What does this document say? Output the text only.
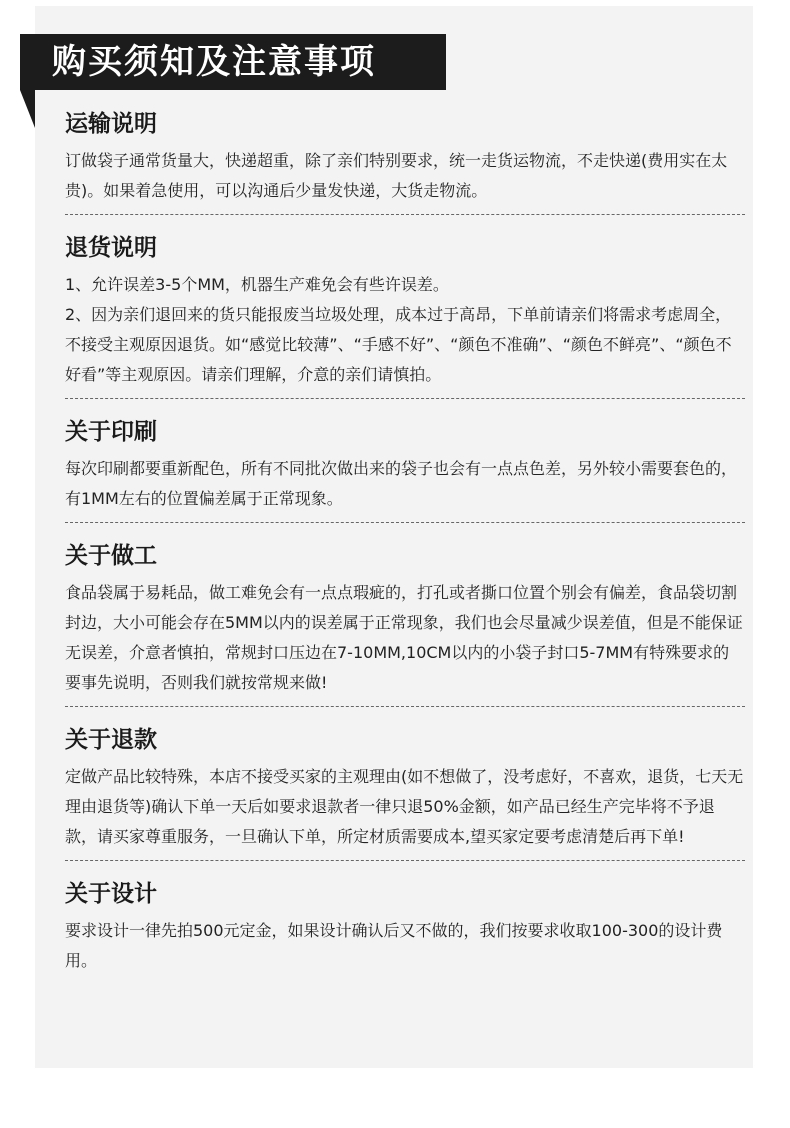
购买须知及注意事项
运输说明

订做袋子通常货量大，快递超重，除了亲们特别要求，统一走货运物流，不走快递(费用实在太贵)。如果着急使用，可以沟通后少量发快递，大货走物流。

退货说明

1、允许误差3-5个MM，机器生产难免会有些许误差。

2、因为亲们退回来的货只能报废当垃圾处理，成本过于高昂，下单前请亲们将需求考虑周全，不接受主观原因退货。如“感觉比较薄”、“手感不好”、“颜色不准确”、“颜色不鲜亮”、“颜色不好看”等主观原因。请亲们理解，介意的亲们请慎拍。

关于印刷

每次印刷都要重新配色，所有不同批次做出来的袋子也会有一点点色差，另外较小需要套色的，有1MM左右的位置偏差属于正常现象。

关于做工

食品袋属于易耗品，做工难免会有一点点瑕疵的，打孔或者撕口位置个别会有偏差，食品袋切割封边，大小可能会存在5MM以内的误差属于正常现象，我们也会尽量减少误差值，但是不能保证无误差，介意者慎拍，常规封口压边在7-10MM,10CM以内的小袋子封口5-7MM有特殊要求的要事先说明，否则我们就按常规来做!

关于退款

定做产品比较特殊，本店不接受买家的主观理由(如不想做了，没考虑好，不喜欢，退货，七天无理由退货等)确认下单一天后如要求退款者一律只退50%金额，如产品已经生产完毕将不予退款，请买家尊重服务，一旦确认下单，所定材质需要成本,望买家定要考虑清楚后再下单!

关于设计

要求设计一律先拍500元定金，如果设计确认后又不做的，我们按要求收取100-300的设计费用。
